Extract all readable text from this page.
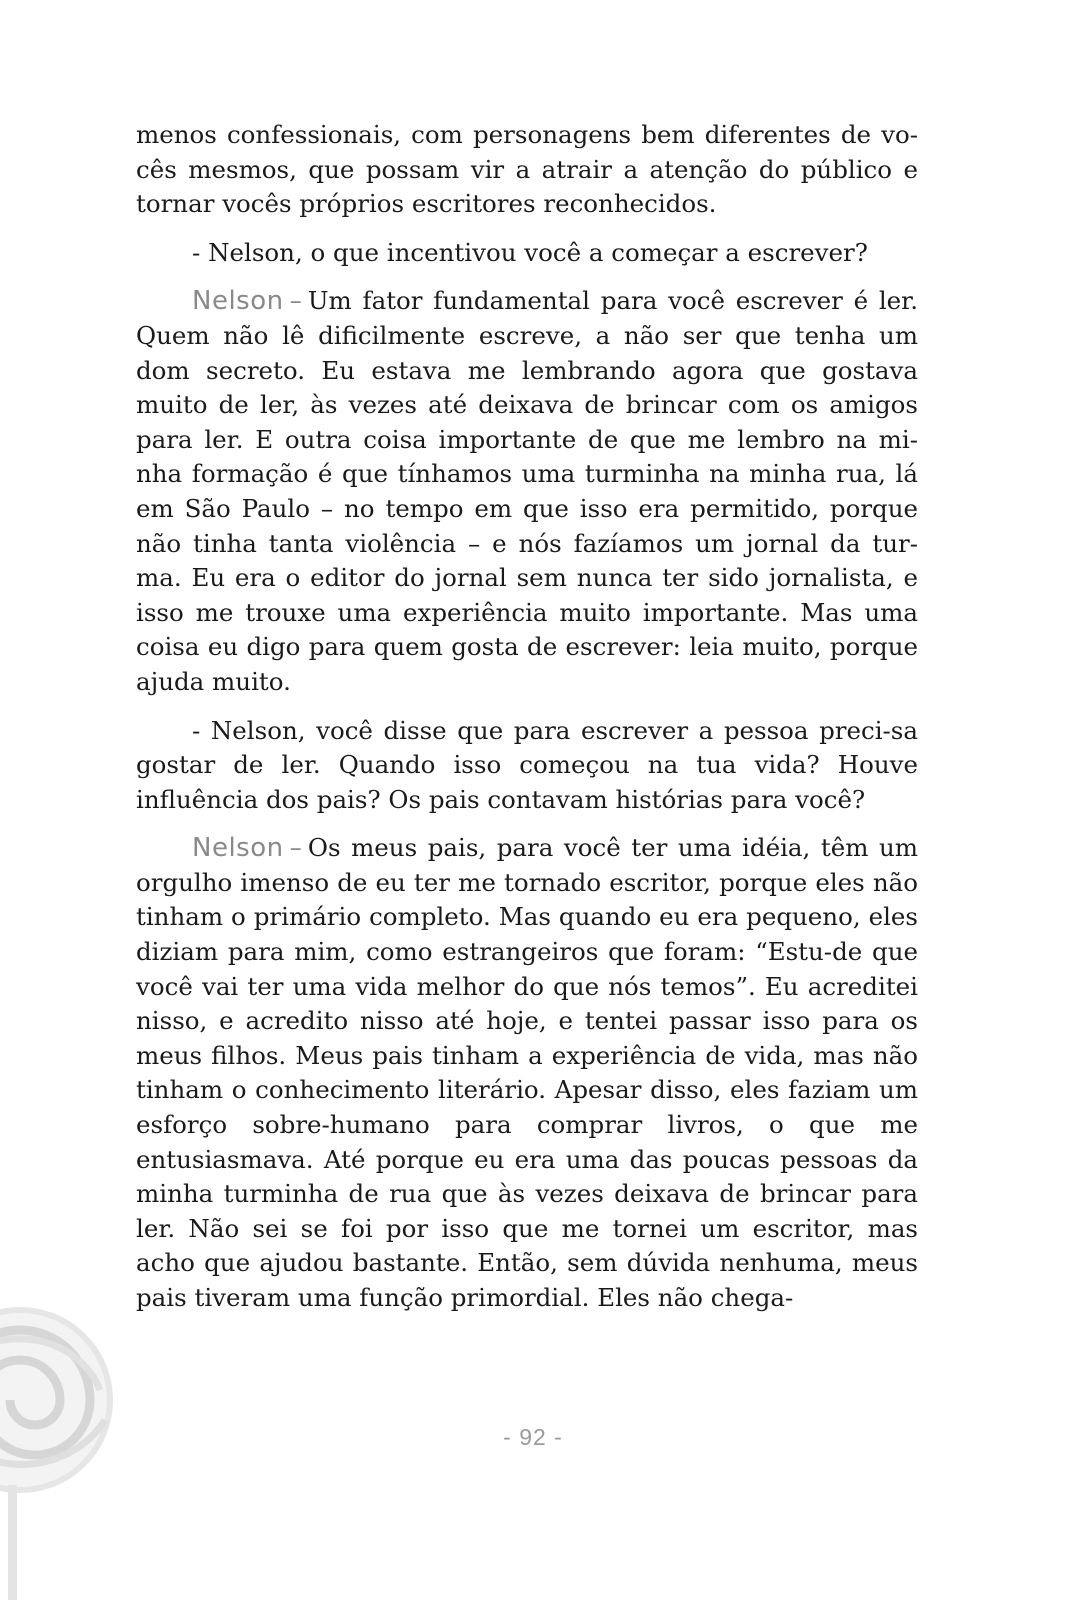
menos confessionais, com personagens bem diferentes de vo-cês mesmos, que possam vir a atrair a atenção do público e tornar vocês próprios escritores reconhecidos.

- Nelson, o que incentivou você a começar a escrever?

Nelson – Um fator fundamental para você escrever é ler. Quem não lê dificilmente escreve, a não ser que tenha um dom secreto. Eu estava me lembrando agora que gostava muito de ler, às vezes até deixava de brincar com os amigos para ler. E outra coisa importante de que me lembro na mi-nha formação é que tínhamos uma turminha na minha rua, lá em São Paulo – no tempo em que isso era permitido, porque não tinha tanta violência – e nós fazíamos um jornal da tur-ma. Eu era o editor do jornal sem nunca ter sido jornalista, e isso me trouxe uma experiência muito importante. Mas uma coisa eu digo para quem gosta de escrever: leia muito, porque ajuda muito.

- Nelson, você disse que para escrever a pessoa preci-sa gostar de ler. Quando isso começou na tua vida? Houve influência dos pais? Os pais contavam histórias para você?

Nelson – Os meus pais, para você ter uma idéia, têm um orgulho imenso de eu ter me tornado escritor, porque eles não tinham o primário completo. Mas quando eu era pequeno, eles diziam para mim, como estrangeiros que foram: “Estu-de que você vai ter uma vida melhor do que nós temos”. Eu acreditei nisso, e acredito nisso até hoje, e tentei passar isso para os meus filhos. Meus pais tinham a experiência de vida, mas não tinham o conhecimento literário. Apesar disso, eles faziam um esforço sobre-humano para comprar livros, o que me entusiasmava. Até porque eu era uma das poucas pessoas da minha turminha de rua que às vezes deixava de brincar para ler. Não sei se foi por isso que me tornei um escritor, mas acho que ajudou bastante. Então, sem dúvida nenhuma, meus pais tiveram uma função primordial. Eles não chega-

- 92 -
